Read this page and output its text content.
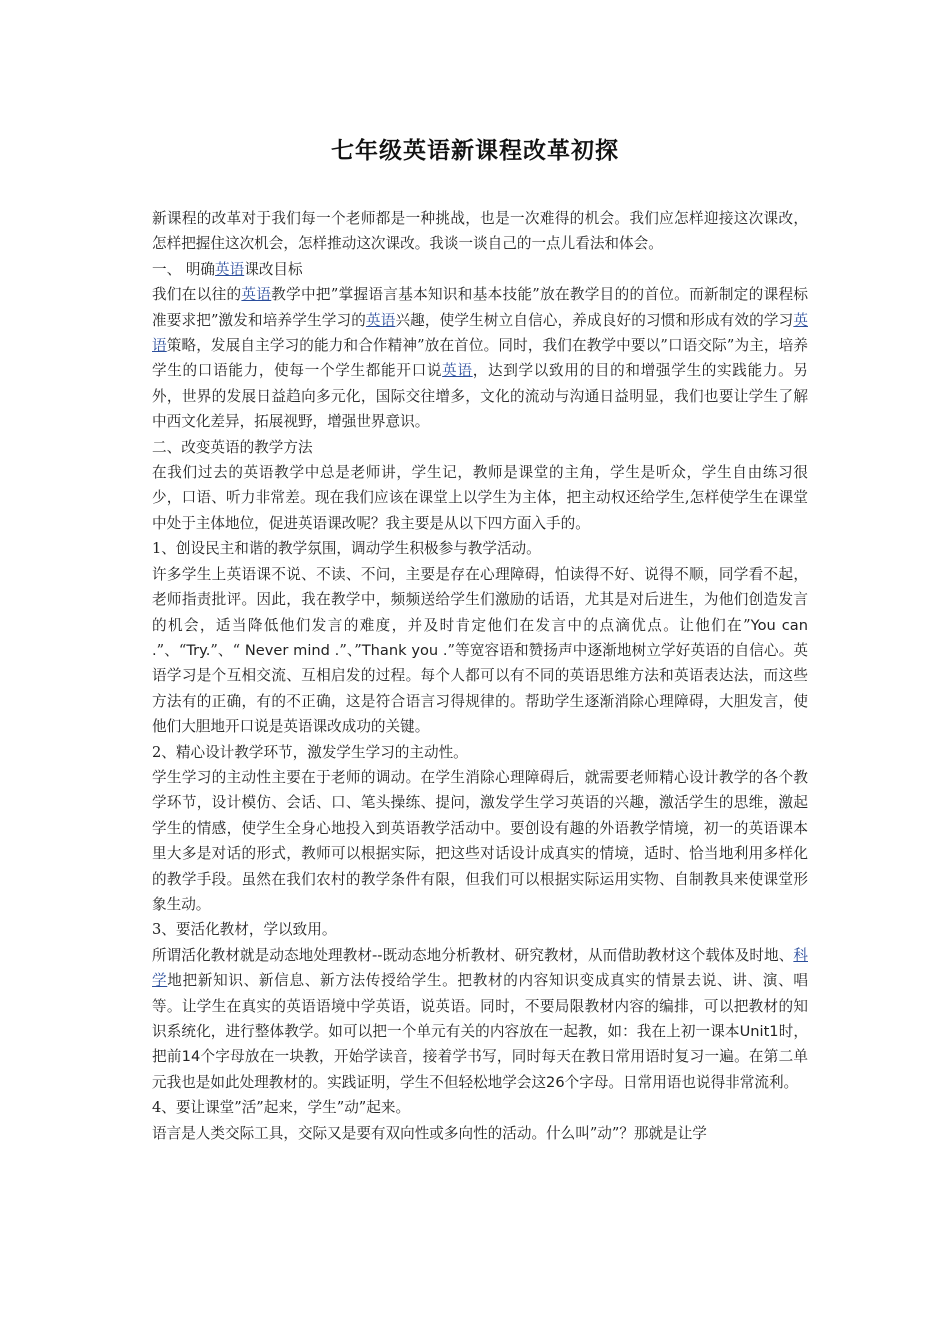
七年级英语新课程改革初探

新课程的改革对于我们每一个老师都是一种挑战，也是一次难得的机会。我们应怎样迎接这次课改，怎样把握住这次机会，怎样推动这次课改。我谈一谈自己的一点儿看法和体会。

一、 明确英语课改目标

我们在以往的英语教学中把”掌握语言基本知识和基本技能”放在教学目的的首位。而新制定的课程标准要求把”激发和培养学生学习的英语兴趣，使学生树立自信心，养成良好的习惯和形成有效的学习英语策略，发展自主学习的能力和合作精神”放在首位。同时，我们在教学中要以”口语交际”为主，培养学生的口语能力，使每一个学生都能开口说英语，达到学以致用的目的和增强学生的实践能力。另外，世界的发展日益趋向多元化，国际交往增多，文化的流动与沟通日益明显，我们也要让学生了解中西文化差异，拓展视野，增强世界意识。

二、改变英语的教学方法

在我们过去的英语教学中总是老师讲，学生记，教师是课堂的主角，学生是听众，学生自由练习很少，口语、听力非常差。现在我们应该在课堂上以学生为主体，把主动权还给学生,怎样使学生在课堂中处于主体地位，促进英语课改呢？我主要是从以下四方面入手的。

1、创设民主和谐的教学氛围，调动学生积极参与教学活动。

许多学生上英语课不说、不读、不问，主要是存在心理障碍，怕读得不好、说得不顺，同学看不起，老师指责批评。因此，我在教学中，频频送给学生们激励的话语，尤其是对后进生，为他们创造发言的机会，适当降低他们发言的难度，并及时肯定他们在发言中的点滴优点。让他们在”You can .”、“Try.”、“ Never mind .”、”Thank you .”等宽容语和赞扬声中逐渐地树立学好英语的自信心。英语学习是个互相交流、互相启发的过程。每个人都可以有不同的英语思维方法和英语表达法，而这些方法有的正确，有的不正确，这是符合语言习得规律的。帮助学生逐渐消除心理障碍，大胆发言，使他们大胆地开口说是英语课改成功的关键。

2、精心设计教学环节，激发学生学习的主动性。

学生学习的主动性主要在于老师的调动。在学生消除心理障碍后，就需要老师精心设计教学的各个教学环节，设计模仿、会话、口、笔头操练、提问，激发学生学习英语的兴趣，激活学生的思维，激起学生的情感，使学生全身心地投入到英语教学活动中。要创设有趣的外语教学情境，初一的英语课本里大多是对话的形式，教师可以根据实际，把这些对话设计成真实的情境，适时、恰当地利用多样化的教学手段。虽然在我们农村的教学条件有限，但我们可以根据实际运用实物、自制教具来使课堂形象生动。

3、要活化教材，学以致用。

所谓活化教材就是动态地处理教材--既动态地分析教材、研究教材，从而借助教材这个载体及时地、科学地把新知识、新信息、新方法传授给学生。把教材的内容知识变成真实的情景去说、讲、演、唱等。让学生在真实的英语语境中学英语，说英语。同时，不要局限教材内容的编排，可以把教材的知识系统化，进行整体教学。如可以把一个单元有关的内容放在一起教，如：我在上初一课本Unit1时，把前14个字母放在一块教，开始学读音，接着学书写，同时每天在教日常用语时复习一遍。在第二单元我也是如此处理教材的。实践证明，学生不但轻松地学会这26个字母。日常用语也说得非常流利。

4、要让课堂”活”起来，学生”动”起来。

语言是人类交际工具，交际又是要有双向性或多向性的活动。什么叫”动”？那就是让学
